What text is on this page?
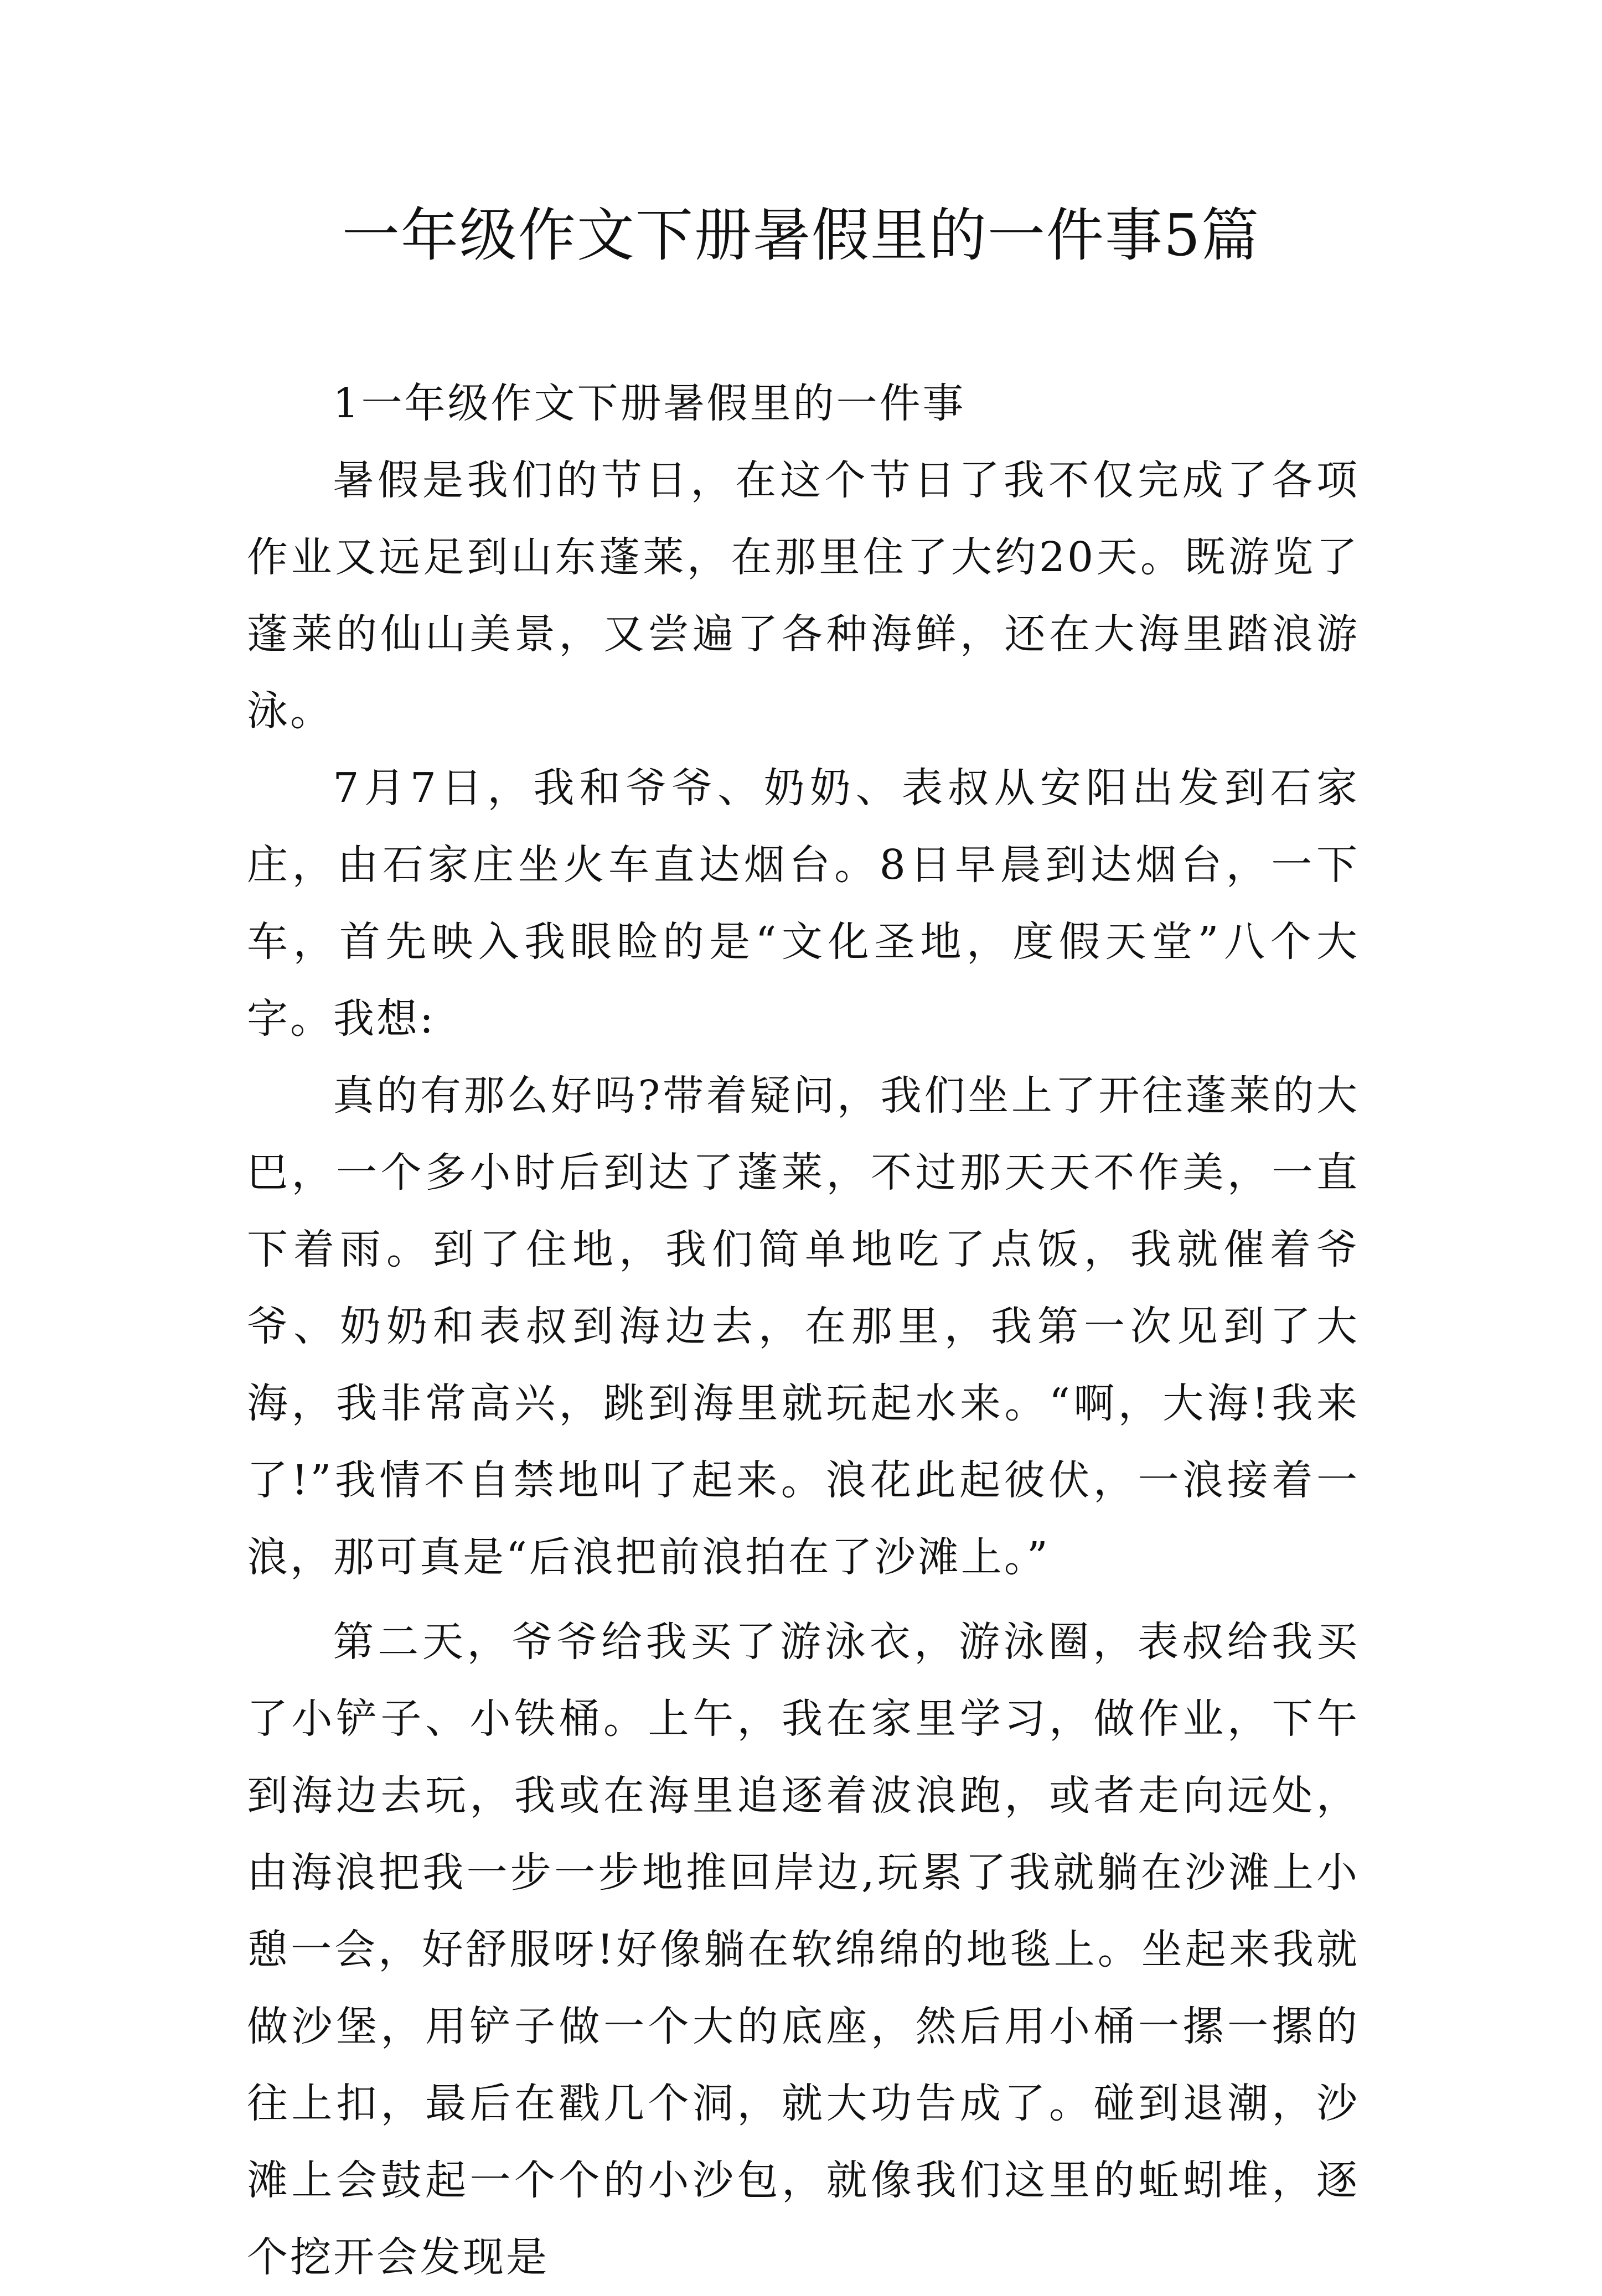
一年级作文下册暑假里的一件事5篇

1一年级作文下册暑假里的一件事

暑假是我们的节日，在这个节日了我不仅完成了各项作业又远足到山东蓬莱，在那里住了大约20天。既游览了蓬莱的仙山美景，又尝遍了各种海鲜，还在大海里踏浪游泳。

7月7日，我和爷爷、奶奶、表叔从安阳出发到石家庄，由石家庄坐火车直达烟台。8日早晨到达烟台，一下车，首先映入我眼睑的是“文化圣地，度假天堂”八个大字。我想:

真的有那么好吗?带着疑问，我们坐上了开往蓬莱的大巴，一个多小时后到达了蓬莱，不过那天天不作美，一直下着雨。到了住地，我们简单地吃了点饭，我就催着爷爷、奶奶和表叔到海边去，在那里，我第一次见到了大海，我非常高兴，跳到海里就玩起水来。“啊，大海!我来了!”我情不自禁地叫了起来。浪花此起彼伏，一浪接着一浪，那可真是“后浪把前浪拍在了沙滩上。”

第二天，爷爷给我买了游泳衣，游泳圈，表叔给我买了小铲子、小铁桶。上午，我在家里学习，做作业，下午到海边去玩，我或在海里追逐着波浪跑，或者走向远处，由海浪把我一步一步地推回岸边,玩累了我就躺在沙滩上小憩一会，好舒服呀!好像躺在软绵绵的地毯上。坐起来我就做沙堡，用铲子做一个大的底座，然后用小桶一摞一摞的往上扣，最后在戳几个洞，就大功告成了。碰到退潮，沙滩上会鼓起一个个的小沙包，就像我们这里的蚯蚓堆，逐个挖开会发现是
